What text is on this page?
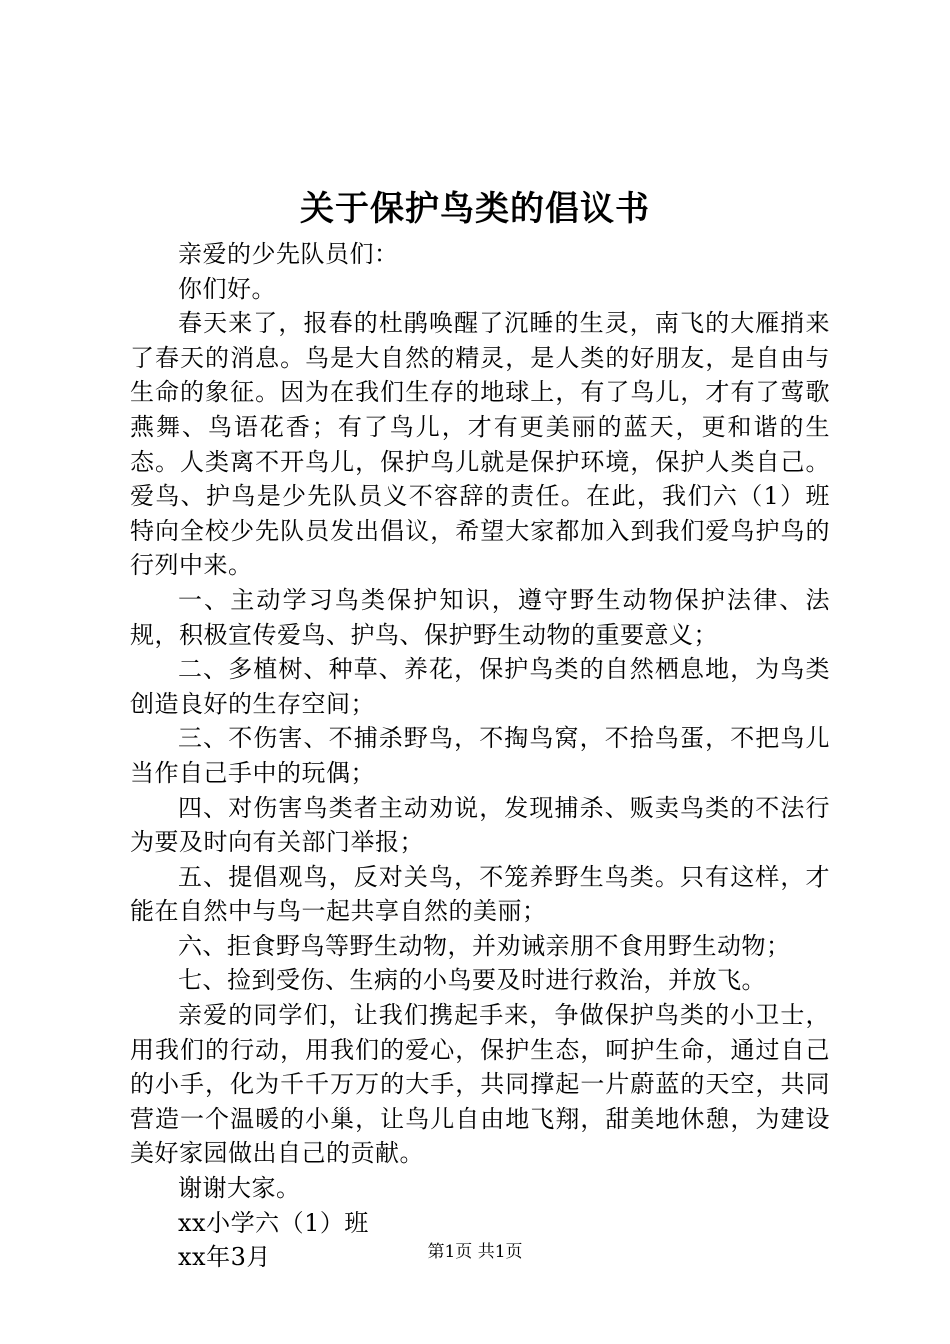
关于保护鸟类的倡议书

亲爱的少先队员们：

你们好。

春天来了，报春的杜鹃唤醒了沉睡的生灵，南飞的大雁捎来了春天的消息。鸟是大自然的精灵，是人类的好朋友，是自由与生命的象征。因为在我们生存的地球上，有了鸟儿，才有了莺歌燕舞、鸟语花香；有了鸟儿，才有更美丽的蓝天，更和谐的生态。人类离不开鸟儿，保护鸟儿就是保护环境，保护人类自己。爱鸟、护鸟是少先队员义不容辞的责任。在此，我们六（1）班特向全校少先队员发出倡议，希望大家都加入到我们爱鸟护鸟的行列中来。

一、主动学习鸟类保护知识，遵守野生动物保护法律、法规，积极宣传爱鸟、护鸟、保护野生动物的重要意义；

二、多植树、种草、养花，保护鸟类的自然栖息地，为鸟类创造良好的生存空间；

三、不伤害、不捕杀野鸟，不掏鸟窝，不拾鸟蛋，不把鸟儿当作自己手中的玩偶；

四、对伤害鸟类者主动劝说，发现捕杀、贩卖鸟类的不法行为要及时向有关部门举报；

五、提倡观鸟，反对关鸟，不笼养野生鸟类。只有这样，才能在自然中与鸟一起共享自然的美丽；

六、拒食野鸟等野生动物，并劝诫亲朋不食用野生动物；

七、捡到受伤、生病的小鸟要及时进行救治，并放飞。

亲爱的同学们，让我们携起手来，争做保护鸟类的小卫士，用我们的行动，用我们的爱心，保护生态，呵护生命，通过自己的小手，化为千千万万的大手，共同撑起一片蔚蓝的天空，共同营造一个温暖的小巢，让鸟儿自由地飞翔，甜美地休憩，为建设美好家园做出自己的贡献。

谢谢大家。

xx小学六（1）班

xx年3月	第1页 共1页
